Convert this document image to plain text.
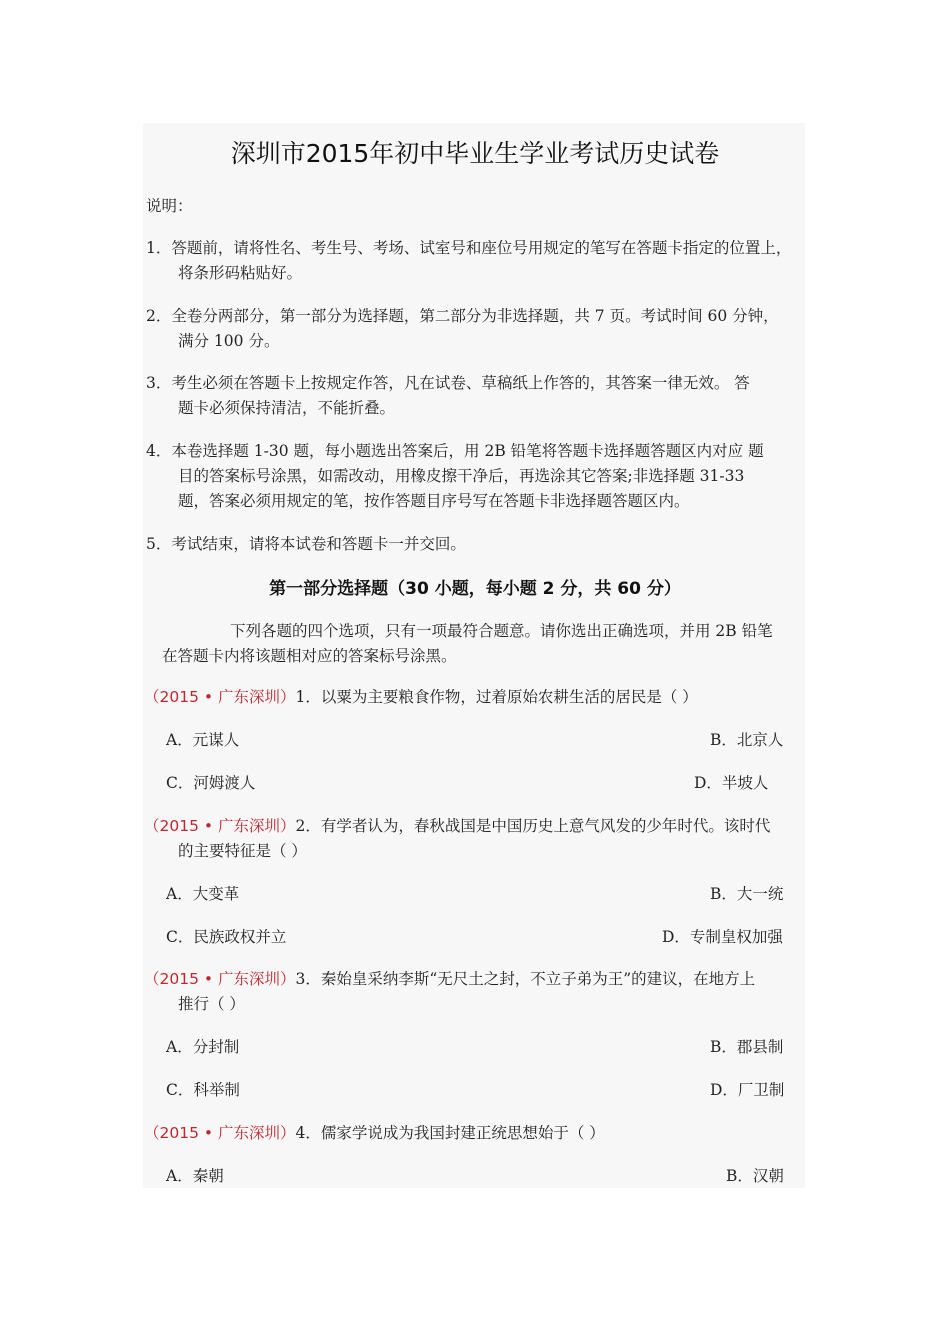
深圳市2015年初中毕业生学业考试历史试卷
说明：
1．答题前，请将性名、考生号、考场、试室号和座位号用规定的笔写在答题卡指定的位置上，
将条形码粘贴好。
2．全卷分两部分，第一部分为选择题，第二部分为非选择题，共 7 页。考试时间 60 分钟，
满分 100 分。
3．考生必须在答题卡上按规定作答，凡在试卷、草稿纸上作答的，其答案一律无效。 答
题卡必须保持清洁，不能折叠。
4．本卷选择题 1-30 题，每小题选出答案后，用 2B 铅笔将答题卡选择题答题区内对应 题
目的答案标号涂黑，如需改动，用橡皮擦干净后，再选涂其它答案;非选择题 31-33
题，答案必须用规定的笔，按作答题目序号写在答题卡非选择题答题区内。
5．考试结束，请将本试卷和答题卡一并交回。
第一部分选择题（30 小题，每小题 2 分，共 60 分）
下列各题的四个选项，只有一项最符合题意。请你选出正确选项，并用 2B 铅笔
在答题卡内将该题相对应的答案标号涂黑。
（2015 • 广东深圳）1．以粟为主要粮食作物，过着原始农耕生活的居民是（ ）
A．元谋人	B．北京人
C．河姆渡人	D．半坡人
（2015 • 广东深圳）2．有学者认为，春秋战国是中国历史上意气风发的少年时代。该时代
的主要特征是（ ）
A．大变革	B．大一统
C．民族政权并立	D．专制皇权加强
（2015 • 广东深圳）3．秦始皇采纳李斯“无尺土之封，不立子弟为王”的建议，在地方上
推行（ ）
A．分封制	B．郡县制
C．科举制	D．厂卫制
（2015 • 广东深圳）4．儒家学说成为我国封建正统思想始于（ ）
A．秦朝	B．汉朝
